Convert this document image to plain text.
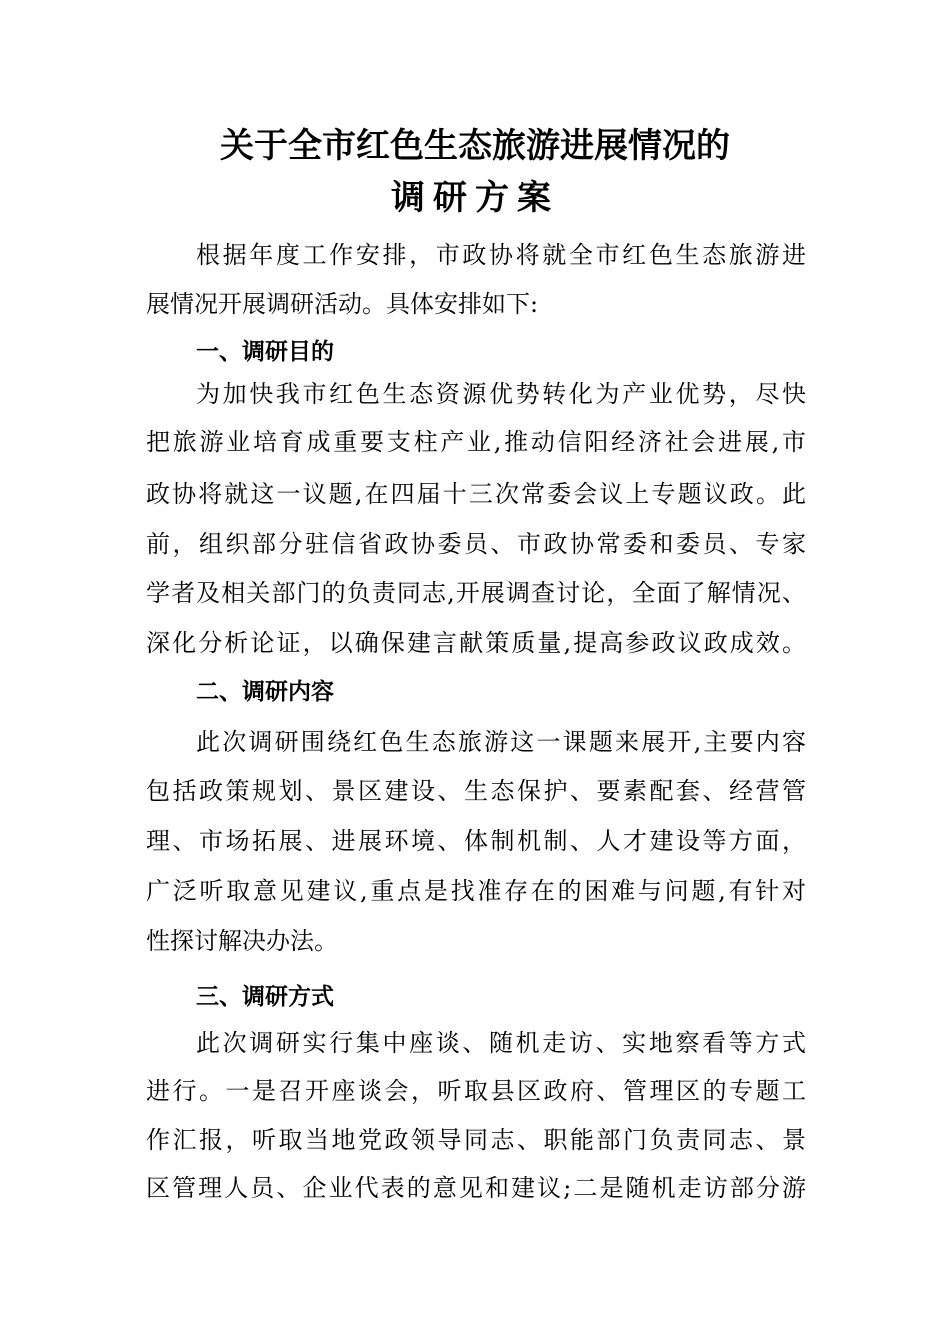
关于全市红色生态旅游进展情况的
调研方案
根据年度工作安排，市政协将就全市红色生态旅游进
展情况开展调研活动。具体安排如下:
一、调研目的
为加快我市红色生态资源优势转化为产业优势，尽快
把旅游业培育成重要支柱产业,推动信阳经济社会进展,市
政协将就这一议题,在四届十三次常委会议上专题议政。此
前，组织部分驻信省政协委员、市政协常委和委员、专家
学者及相关部门的负责同志,开展调查讨论，全面了解情况、
深化分析论证，以确保建言献策质量,提高参政议政成效。
二、调研内容
此次调研围绕红色生态旅游这一课题来展开,主要内容
包括政策规划、景区建设、生态保护、要素配套、经营管
理、市场拓展、进展环境、体制机制、人才建设等方面，
广泛听取意见建议,重点是找准存在的困难与问题,有针对
性探讨解决办法。
三、调研方式
此次调研实行集中座谈、随机走访、实地察看等方式
进行。一是召开座谈会，听取县区政府、管理区的专题工
作汇报，听取当地党政领导同志、职能部门负责同志、景
区管理人员、企业代表的意见和建议;二是随机走访部分游
